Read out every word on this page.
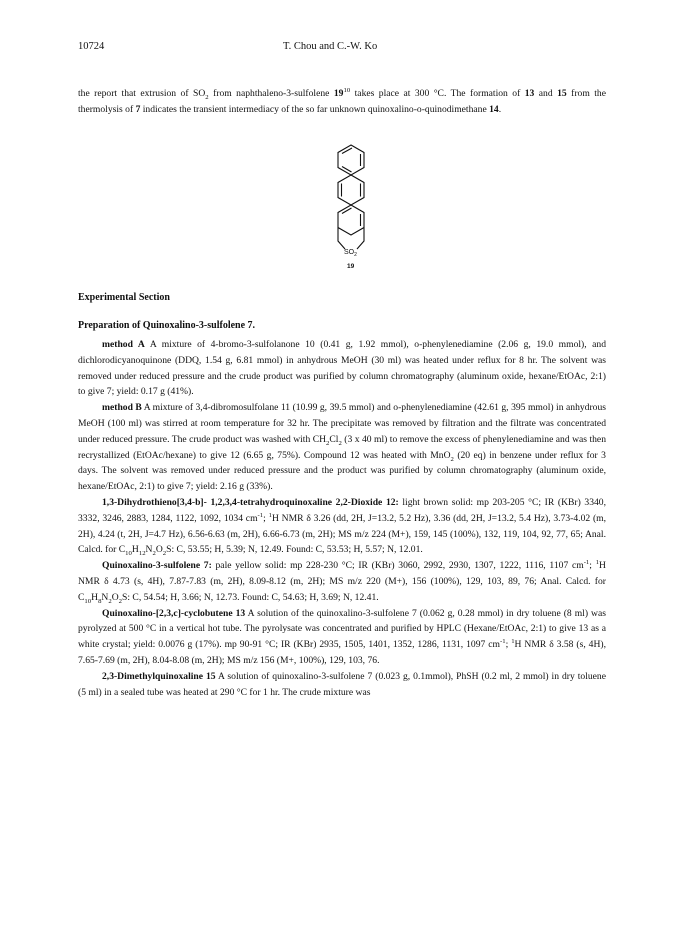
10724	T. Chou and C.-W. Ko

the report that extrusion of $SO_2$ from naphthaleno-3-sulfolene $19^{10}$ takes place at 300 °C. The formation of 13 and 15 from the thermolysis of 7 indicates the transient intermediacy of the so far unknown quinoxalino-o-quinodimethane 14.

$SO_2$
19
Experimental Section
Preparation of Quinoxalino-3-sulfolene 7.

method A A mixture of 4-bromo-3-sulfolanone 10 (0.41 g, 1.92 mmol), o-phenylenediamine (2.06 g, 19.0 mmol), and dichlorodicyanoquinone (DDQ, 1.54 g, 6.81 mmol) in anhydrous MeOH (30 ml) was heated under reflux for 8 hr. The solvent was removed under reduced pressure and the crude product was purified by column chromatography (aluminum oxide, hexane/EtOAc, 2:1) to give 7; yield: 0.17 g (41%).

method B A mixture of 3,4-dibromosulfolane 11 (10.99 g, 39.5 mmol) and o-phenylenediamine (42.61 g, 395 mmol) in anhydrous MeOH (100 ml) was stirred at room temperature for 32 hr. The precipitate was removed by filtration and the filtrate was concentrated under reduced pressure. The crude product was washed with $CH_2Cl_2$ (3 x 40 ml) to remove the excess of phenylenediamine and was then recrystallized (EtOAc/hexane) to give 12 (6.65 g, 75%). Compound 12 was heated with MnO$_2$ (20 eq) in benzene under reflux for 3 days. The solvent was removed under reduced pressure and the product was purified by column chromatography (aluminum oxide, hexane/EtOAc, 2:1) to give 7; yield: 2.16 g (33%).

1,3-Dihydrothieno[3,4-b]- 1,2,3,4-tetrahydroquinoxaline 2,2-Dioxide 12: light brown solid: mp 203-205 °C; IR (KBr) 3340, 3332, 3246, 2883, 1284, 1122, 1092, 1034 $cm^{-1}$; $^1$H NMR δ 3.26 (dd, 2H, J=13.2, 5.2 Hz), 3.36 (dd, 2H, J=13.2, 5.4 Hz), 3.73-4.02 (m, 2H), 4.24 (t, 2H, J=4.7 Hz), 6.56-6.63 (m, 2H), 6.66-6.73 (m, 2H); MS m/z 224 (M+), 159, 145 (100%), 132, 119, 104, 92, 77, 65; Anal. Calcd. for $C_{10}H_{12}N_2O_2S$: C, 53.55; H, 5.39; N, 12.49. Found: C, 53.53; H, 5.57; N, 12.01.

Quinoxalino-3-sulfolene 7: pale yellow solid: mp 228-230 °C; IR (KBr) 3060, 2992, 2930, 1307, 1222, 1116, 1107 $cm^{-1}$; $^1$H NMR δ 4.73 (s, 4H), 7.87-7.83 (m, 2H), 8.09-8.12 (m, 2H); MS m/z 220 (M+), 156 (100%), 129, 103, 89, 76; Anal. Calcd. for $C_{10}H_8N_2O_2S$: C, 54.54; H, 3.66; N, 12.73. Found: C, 54.63; H, 3.69; N, 12.41.

Quinoxalino-[2,3,c]-cyclobutene 13 A solution of the quinoxalino-3-sulfolene 7 (0.062 g, 0.28 mmol) in dry toluene (8 ml) was pyrolyzed at 500 °C in a vertical hot tube. The pyrolysate was concentrated and purified by HPLC (Hexane/EtOAc, 2:1) to give 13 as a white crystal; yield: 0.0076 g (17%). mp 90-91 °C; IR (KBr) 2935, 1505, 1401, 1352, 1286, 1131, 1097 $cm^{-1}$; $^1$H NMR δ 3.58 (s, 4H), 7.65-7.69 (m, 2H), 8.04-8.08 (m, 2H); MS m/z 156 (M+, 100%), 129, 103, 76.

2,3-Dimethylquinoxaline 15 A solution of quinoxalino-3-sulfolene 7 (0.023 g, 0.1mmol), PhSH (0.2 ml, 2 mmol) in dry toluene (5 ml) in a sealed tube was heated at 290 °C for 1 hr. The crude mixture was
